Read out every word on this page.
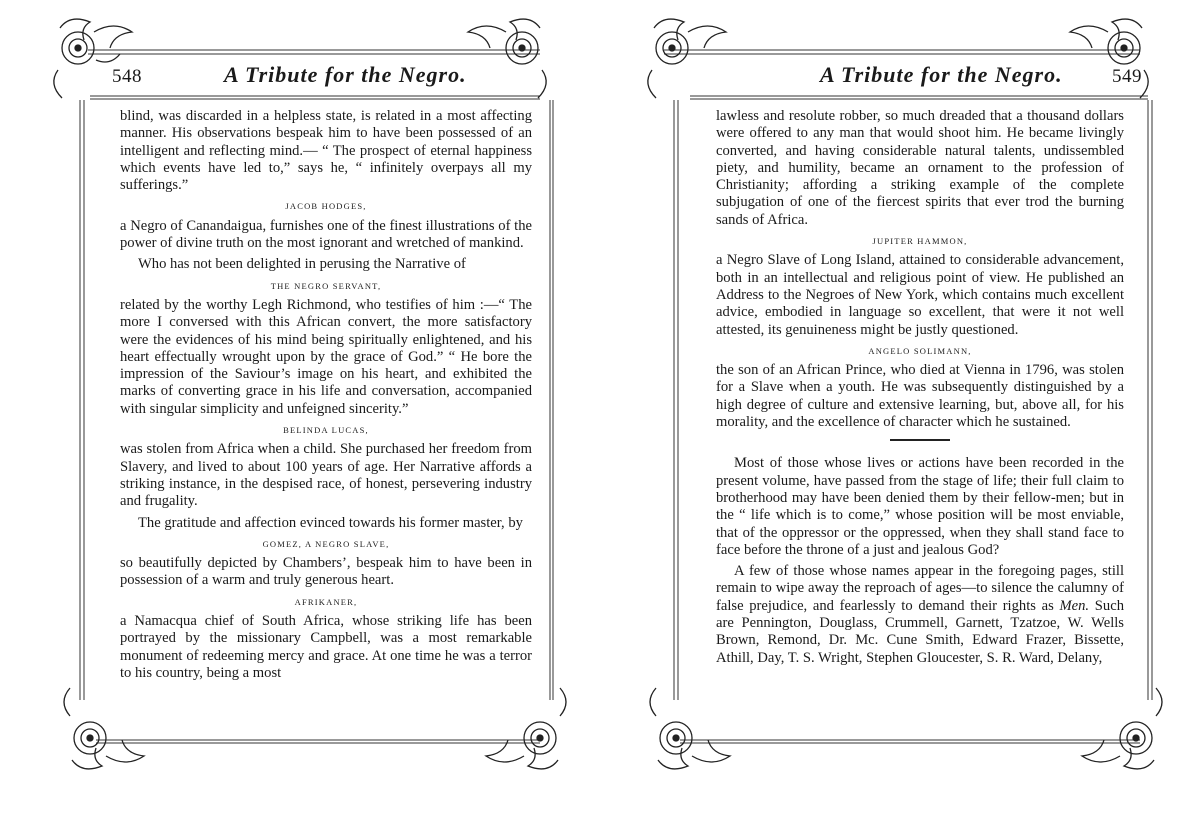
548	A Tribute for the Negro.

blind, was discarded in a helpless state, is related in a most affecting manner. His observations bespeak him to have been possessed of an intelligent and reflecting mind.— “ The prospect of eternal happiness which events have led to,” says he, “ infinitely overpays all my sufferings.”

JACOB HODGES,

a Negro of Canandaigua, furnishes one of the finest illustrations of the power of divine truth on the most ignorant and wretched of mankind.

Who has not been delighted in perusing the Narrative of

THE NEGRO SERVANT,

related by the worthy Legh Richmond, who testifies of him :—“ The more I conversed with this African convert, the more satisfactory were the evidences of his mind being spiritually enlightened, and his heart effectually wrought upon by the grace of God.” “ He bore the impression of the Saviour’s image on his heart, and exhibited the marks of converting grace in his life and conversation, accompanied with singular simplicity and unfeigned sincerity.”

BELINDA LUCAS,

was stolen from Africa when a child. She purchased her freedom from Slavery, and lived to about 100 years of age. Her Narrative affords a striking instance, in the despised race, of honest, persevering industry and frugality.

The gratitude and affection evinced towards his former master, by

GOMEZ, A NEGRO SLAVE,

so beautifully depicted by Chambers’, bespeak him to have been in possession of a warm and truly generous heart.

AFRIKANER,

a Namacqua chief of South Africa, whose striking life has been portrayed by the missionary Campbell, was a most remarkable monument of redeeming mercy and grace. At one time he was a terror to his country, being a most

A Tribute for the Negro.	549

lawless and resolute robber, so much dreaded that a thousand dollars were offered to any man that would shoot him. He became livingly converted, and having considerable natural talents, undissembled piety, and humility, became an ornament to the profession of Christianity; affording a striking example of the complete subjugation of one of the fiercest spirits that ever trod the burning sands of Africa.

JUPITER HAMMON,

a Negro Slave of Long Island, attained to considerable advancement, both in an intellectual and religious point of view. He published an Address to the Negroes of New York, which contains much excellent advice, embodied in language so excellent, that were it not well attested, its genuineness might be justly questioned.

ANGELO SOLIMANN,

the son of an African Prince, who died at Vienna in 1796, was stolen for a Slave when a youth. He was subsequently distinguished by a high degree of culture and extensive learning, but, above all, for his morality, and the excellence of character which he sustained.

Most of those whose lives or actions have been recorded in the present volume, have passed from the stage of life; their full claim to brotherhood may have been denied them by their fellow-men; but in the “ life which is to come,” whose position will be most enviable, that of the oppressor or the oppressed, when they shall stand face to face before the throne of a just and jealous God?

A few of those whose names appear in the foregoing pages, still remain to wipe away the reproach of ages—to silence the calumny of false prejudice, and fearlessly to demand their rights as Men. Such are Pennington, Douglass, Crummell, Garnett, Tzatzoe, W. Wells Brown, Remond, Dr. Mc. Cune Smith, Edward Frazer, Bissette, Athill, Day, T. S. Wright, Stephen Gloucester, S. R. Ward, Delany,
